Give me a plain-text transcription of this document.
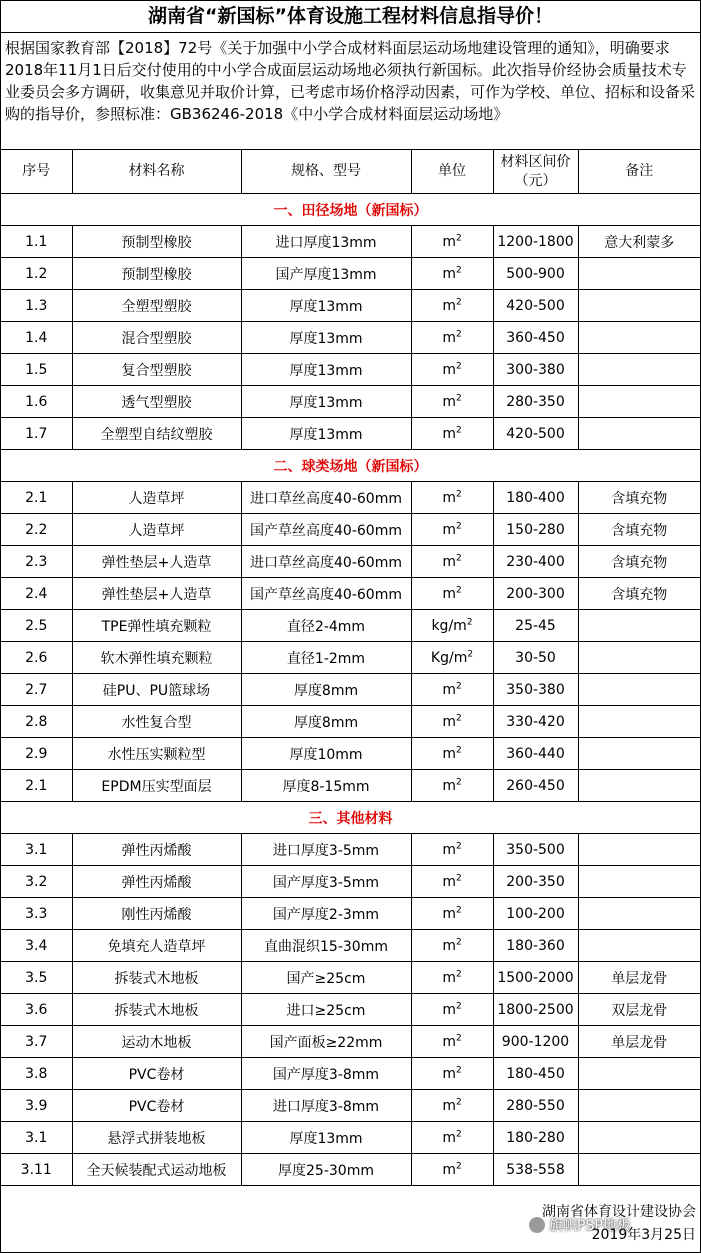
湖南省“新国标”体育设施工程材料信息指导价！
根据国家教育部【2018】72号《关于加强中小学合成材料面层运动场地建设管理的通知》，明确要求2018年11月1日后交付使用的中小学合成面层运动场地必须执行新国标。此次指导价经协会质量技术专业委员会多方调研，收集意见并取价计算，已考虑市场价格浮动因素，可作为学校、单位、招标和设备采购的指导价，参照标准：GB36246-2018《中小学合成材料面层运动场地》
序号	材料名称	规格、型号	单位	材料区间价（元）	备注
一、田径场地（新国标）					
1.1	预制型橡胶	进口厚度13mm	$m^2$	1200-1800	意大利蒙多
1.2	预制型橡胶	国产厚度13mm	$m^2$	500-900	
1.3	全塑型塑胶	厚度13mm	$m^2$	420-500	
1.4	混合型塑胶	厚度13mm	$m^2$	360-450	
1.5	复合型塑胶	厚度13mm	$m^2$	300-380	
1.6	透气型塑胶	厚度13mm	$m^2$	280-350	
1.7	全塑型自结纹塑胶	厚度13mm	$m^2$	420-500	
二、球类场地（新国标）					
2.1	人造草坪	进口草丝高度40-60mm	$m^2$	180-400	含填充物
2.2	人造草坪	国产草丝高度40-60mm	$m^2$	150-280	含填充物
2.3	弹性垫层+人造草	进口草丝高度40-60mm	$m^2$	230-400	含填充物
2.4	弹性垫层+人造草	国产草丝高度40-60mm	$m^2$	200-300	含填充物
2.5	TPE弹性填充颗粒	直径2-4mm	$kg/m^2$	25-45	
2.6	软木弹性填充颗粒	直径1-2mm	$Kg/m^2$	30-50	
2.7	硅PU、PU篮球场	厚度8mm	$m^2$	350-380	
2.8	水性复合型	厚度8mm	$m^2$	330-420	
2.9	水性压实颗粒型	厚度10mm	$m^2$	360-440	
2.1	EPDM压实型面层	厚度8-15mm	$m^2$	260-450	
三、其他材料					
3.1	弹性丙烯酸	进口厚度3-5mm	$m^2$	350-500	
3.2	弹性丙烯酸	国产厚度3-5mm	$m^2$	200-350	
3.3	刚性丙烯酸	国产厚度2-3mm	$m^2$	100-200	
3.4	免填充人造草坪	直曲混织15-30mm	$m^2$	180-360	
3.5	拆装式木地板	国产≥25cm	$m^2$	1500-2000	单层龙骨
3.6	拆装式木地板	进口≥25cm	$m^2$	1800-2500	双层龙骨
3.7	运动木地板	国产面板≥22mm	$m^2$	900-1200	单层龙骨
3.8	PVC卷材	国产厚度3-8mm	$m^2$	180-450	
3.9	PVC卷材	进口厚度3-8mm	$m^2$	280-550	
3.1	悬浮式拼装地板	厚度13mm	$m^2$	180-280	
3.11	全天候装配式运动地板	厚度25-30mm	$m^2$	538-558	
湖南省体育设计建设协会
旗帜PSP地板
2019年3月25日
